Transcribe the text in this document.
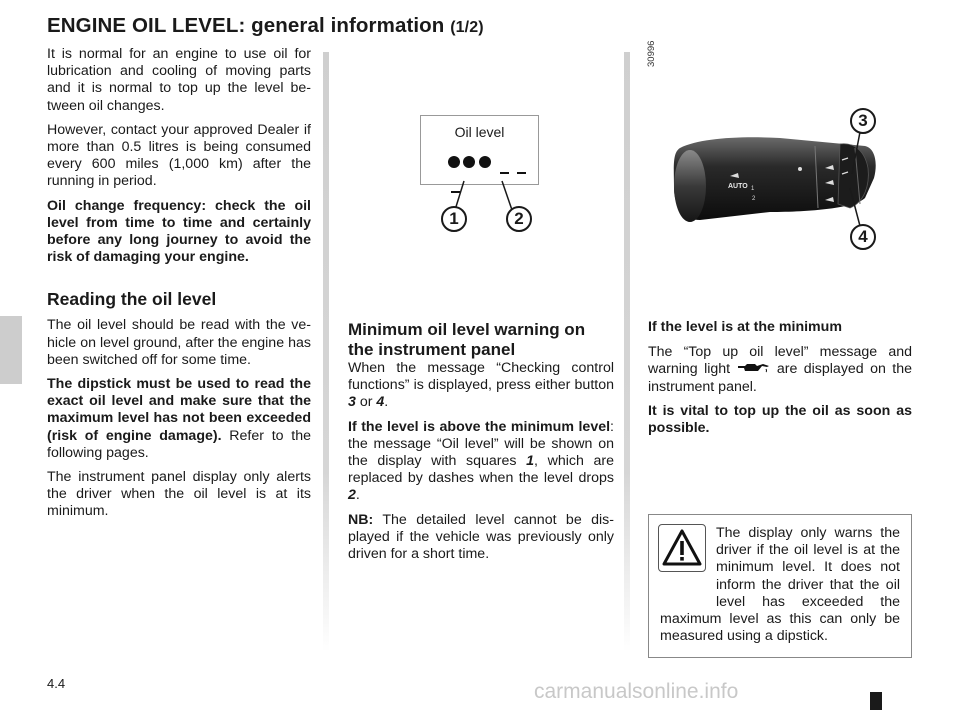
ENGINE OIL LEVEL: general information (1/2)

It is normal for an engine to use oil for lubrication and cooling of moving parts and it is normal to top up the level be-tween oil changes.

However, contact your approved Dealer if more than 0.5 litres is being consumed every 600 miles (1,000 km) after the running in period.

Oil change frequency: check the oil level from time to time and certainly before any long journey to avoid the risk of damaging your engine.

Reading the oil level

The oil level should be read with the ve-hicle on level ground, after the engine has been switched off for some time.

The dipstick must be used to read the exact oil level and make sure that the maximum level has not been exceeded (risk of engine damage). Refer to the following pages.

The instrument panel display only alerts the driver when the oil level is at its minimum.

Oil level

1	2
30996
AUTO 1
2
3
4
Minimum oil level warning on the instrument panel

When the message “Checking control functions” is displayed, press either button 3 or 4.

If the level is above the minimum level: the message “Oil level” will be shown on the display with squares 1, which are replaced by dashes when the level drops 2.

NB: The detailed level cannot be dis-played if the vehicle was previously only driven for a short time.

If the level is at the minimum

The “Top up oil level” message and warning light  are displayed on the instrument panel.

It is vital to top up the oil as soon as possible.

The display only warns the driver if the oil level is at the minimum level. It does not inform the driver that the oil level has exceeded the maximum level as this can only be measured using a dipstick.

4.4	carmanualsonline.info
